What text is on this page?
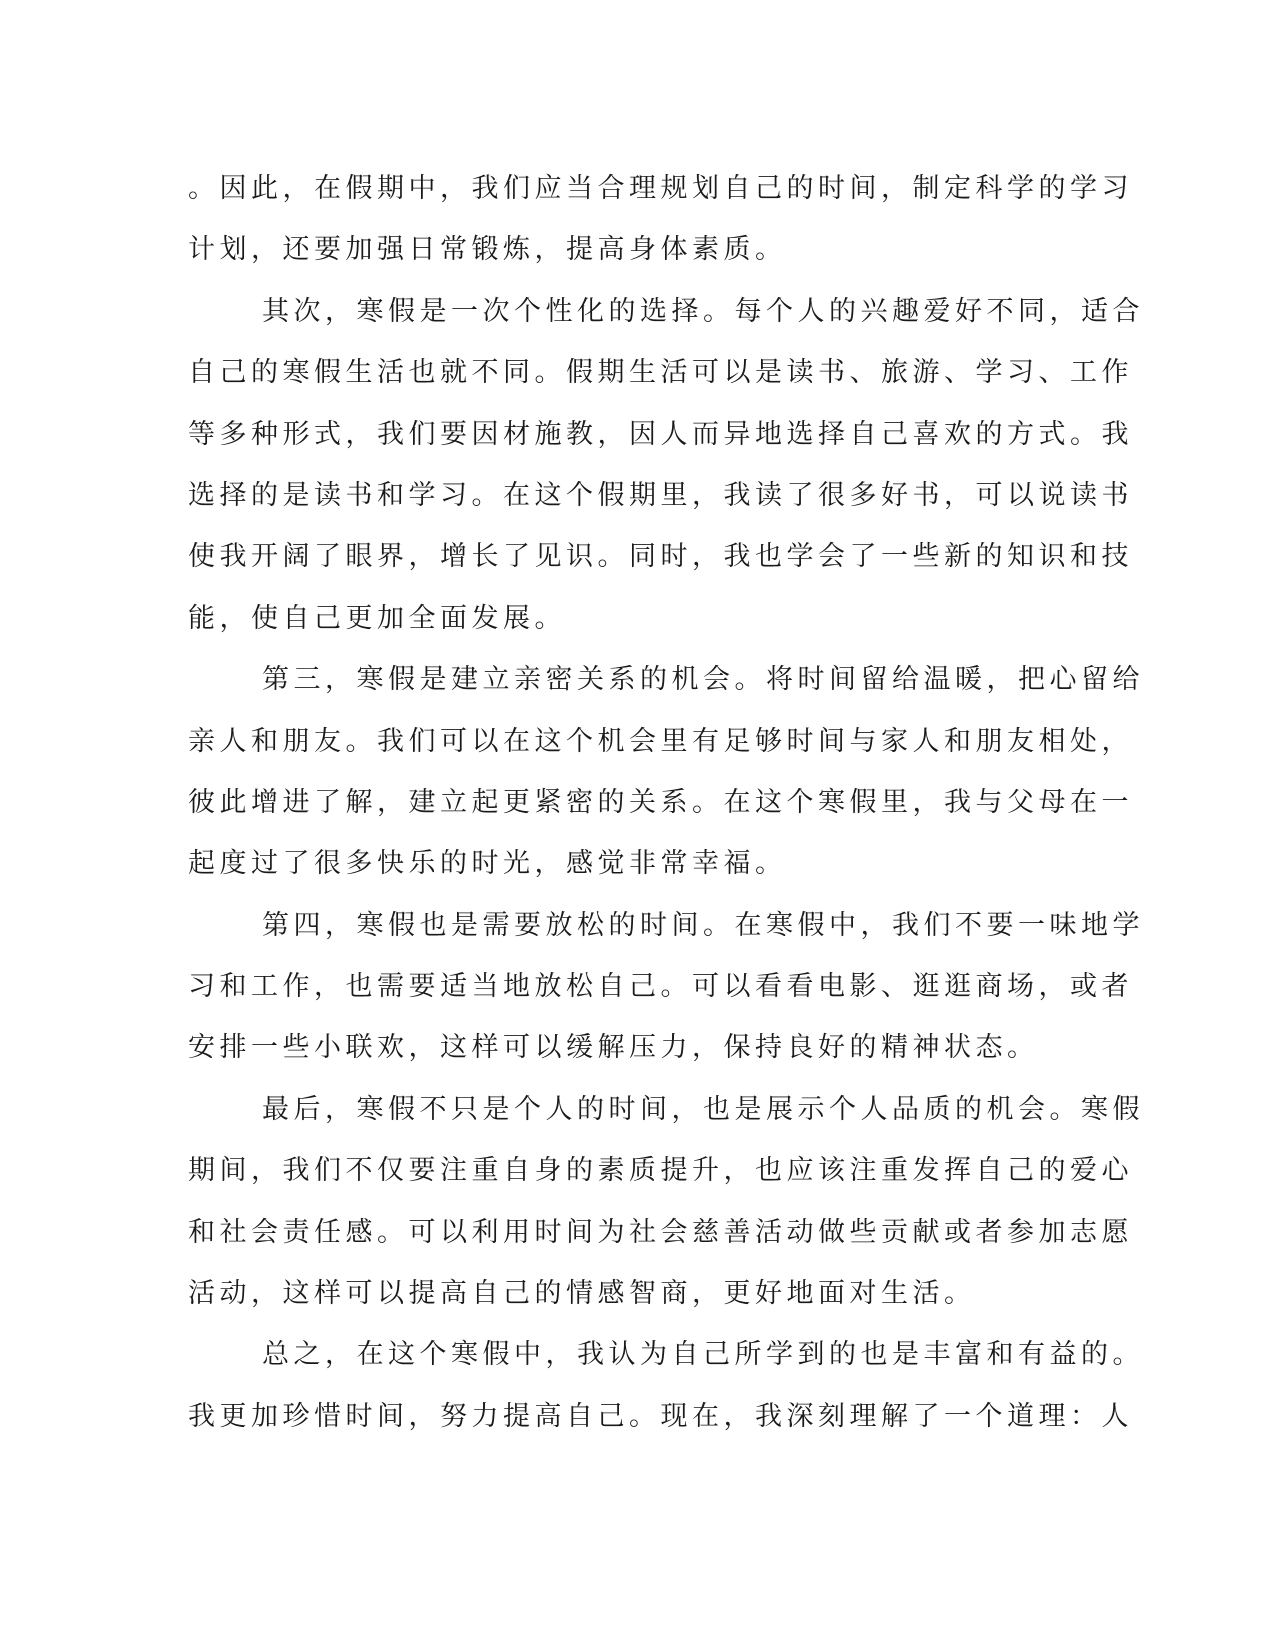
。因此，在假期中，我们应当合理规划自己的时间，制定科学的学习
计划，还要加强日常锻炼，提高身体素质。
其次，寒假是一次个性化的选择。每个人的兴趣爱好不同，适合
自己的寒假生活也就不同。假期生活可以是读书、旅游、学习、工作
等多种形式，我们要因材施教，因人而异地选择自己喜欢的方式。我
选择的是读书和学习。在这个假期里，我读了很多好书，可以说读书
使我开阔了眼界，增长了见识。同时，我也学会了一些新的知识和技
能，使自己更加全面发展。
第三，寒假是建立亲密关系的机会。将时间留给温暖，把心留给
亲人和朋友。我们可以在这个机会里有足够时间与家人和朋友相处，
彼此增进了解，建立起更紧密的关系。在这个寒假里，我与父母在一
起度过了很多快乐的时光，感觉非常幸福。
第四，寒假也是需要放松的时间。在寒假中，我们不要一味地学
习和工作，也需要适当地放松自己。可以看看电影、逛逛商场，或者
安排一些小联欢，这样可以缓解压力，保持良好的精神状态。
最后，寒假不只是个人的时间，也是展示个人品质的机会。寒假
期间，我们不仅要注重自身的素质提升，也应该注重发挥自己的爱心
和社会责任感。可以利用时间为社会慈善活动做些贡献或者参加志愿
活动，这样可以提高自己的情感智商，更好地面对生活。
总之，在这个寒假中，我认为自己所学到的也是丰富和有益的。
我更加珍惜时间，努力提高自己。现在，我深刻理解了一个道理：人
